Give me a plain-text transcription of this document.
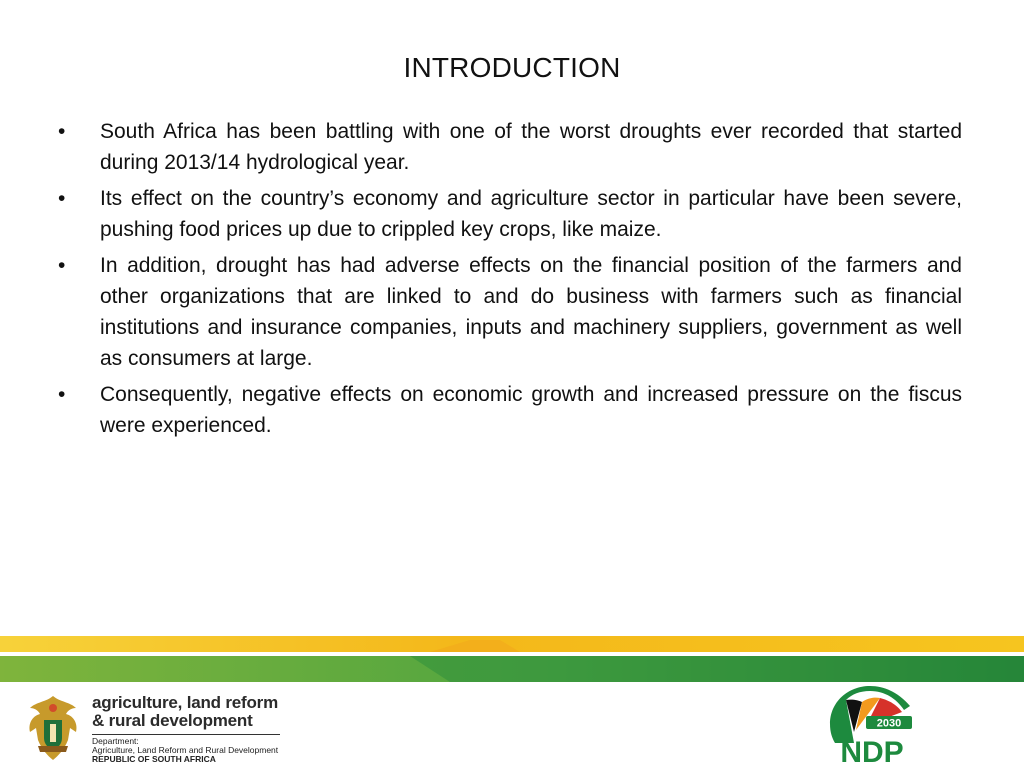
INTRODUCTION
• South Africa has been battling with one of the worst droughts ever recorded that started during 2013/14 hydrological year.
• Its effect on the country’s economy and agriculture sector in particular have been severe, pushing food prices up due to crippled key crops, like maize.
• In addition, drought has had adverse effects on the financial position of the farmers and other organizations that are linked to and do business with farmers such as financial institutions and insurance companies, inputs and machinery suppliers, government as well as consumers at large.
• Consequently, negative effects on economic growth and increased pressure on the fiscus were experienced.
agriculture, land reform
& rural development
Department:
Agriculture, Land Reform and Rural Development
REPUBLIC OF SOUTH AFRICA
2030
NDP
